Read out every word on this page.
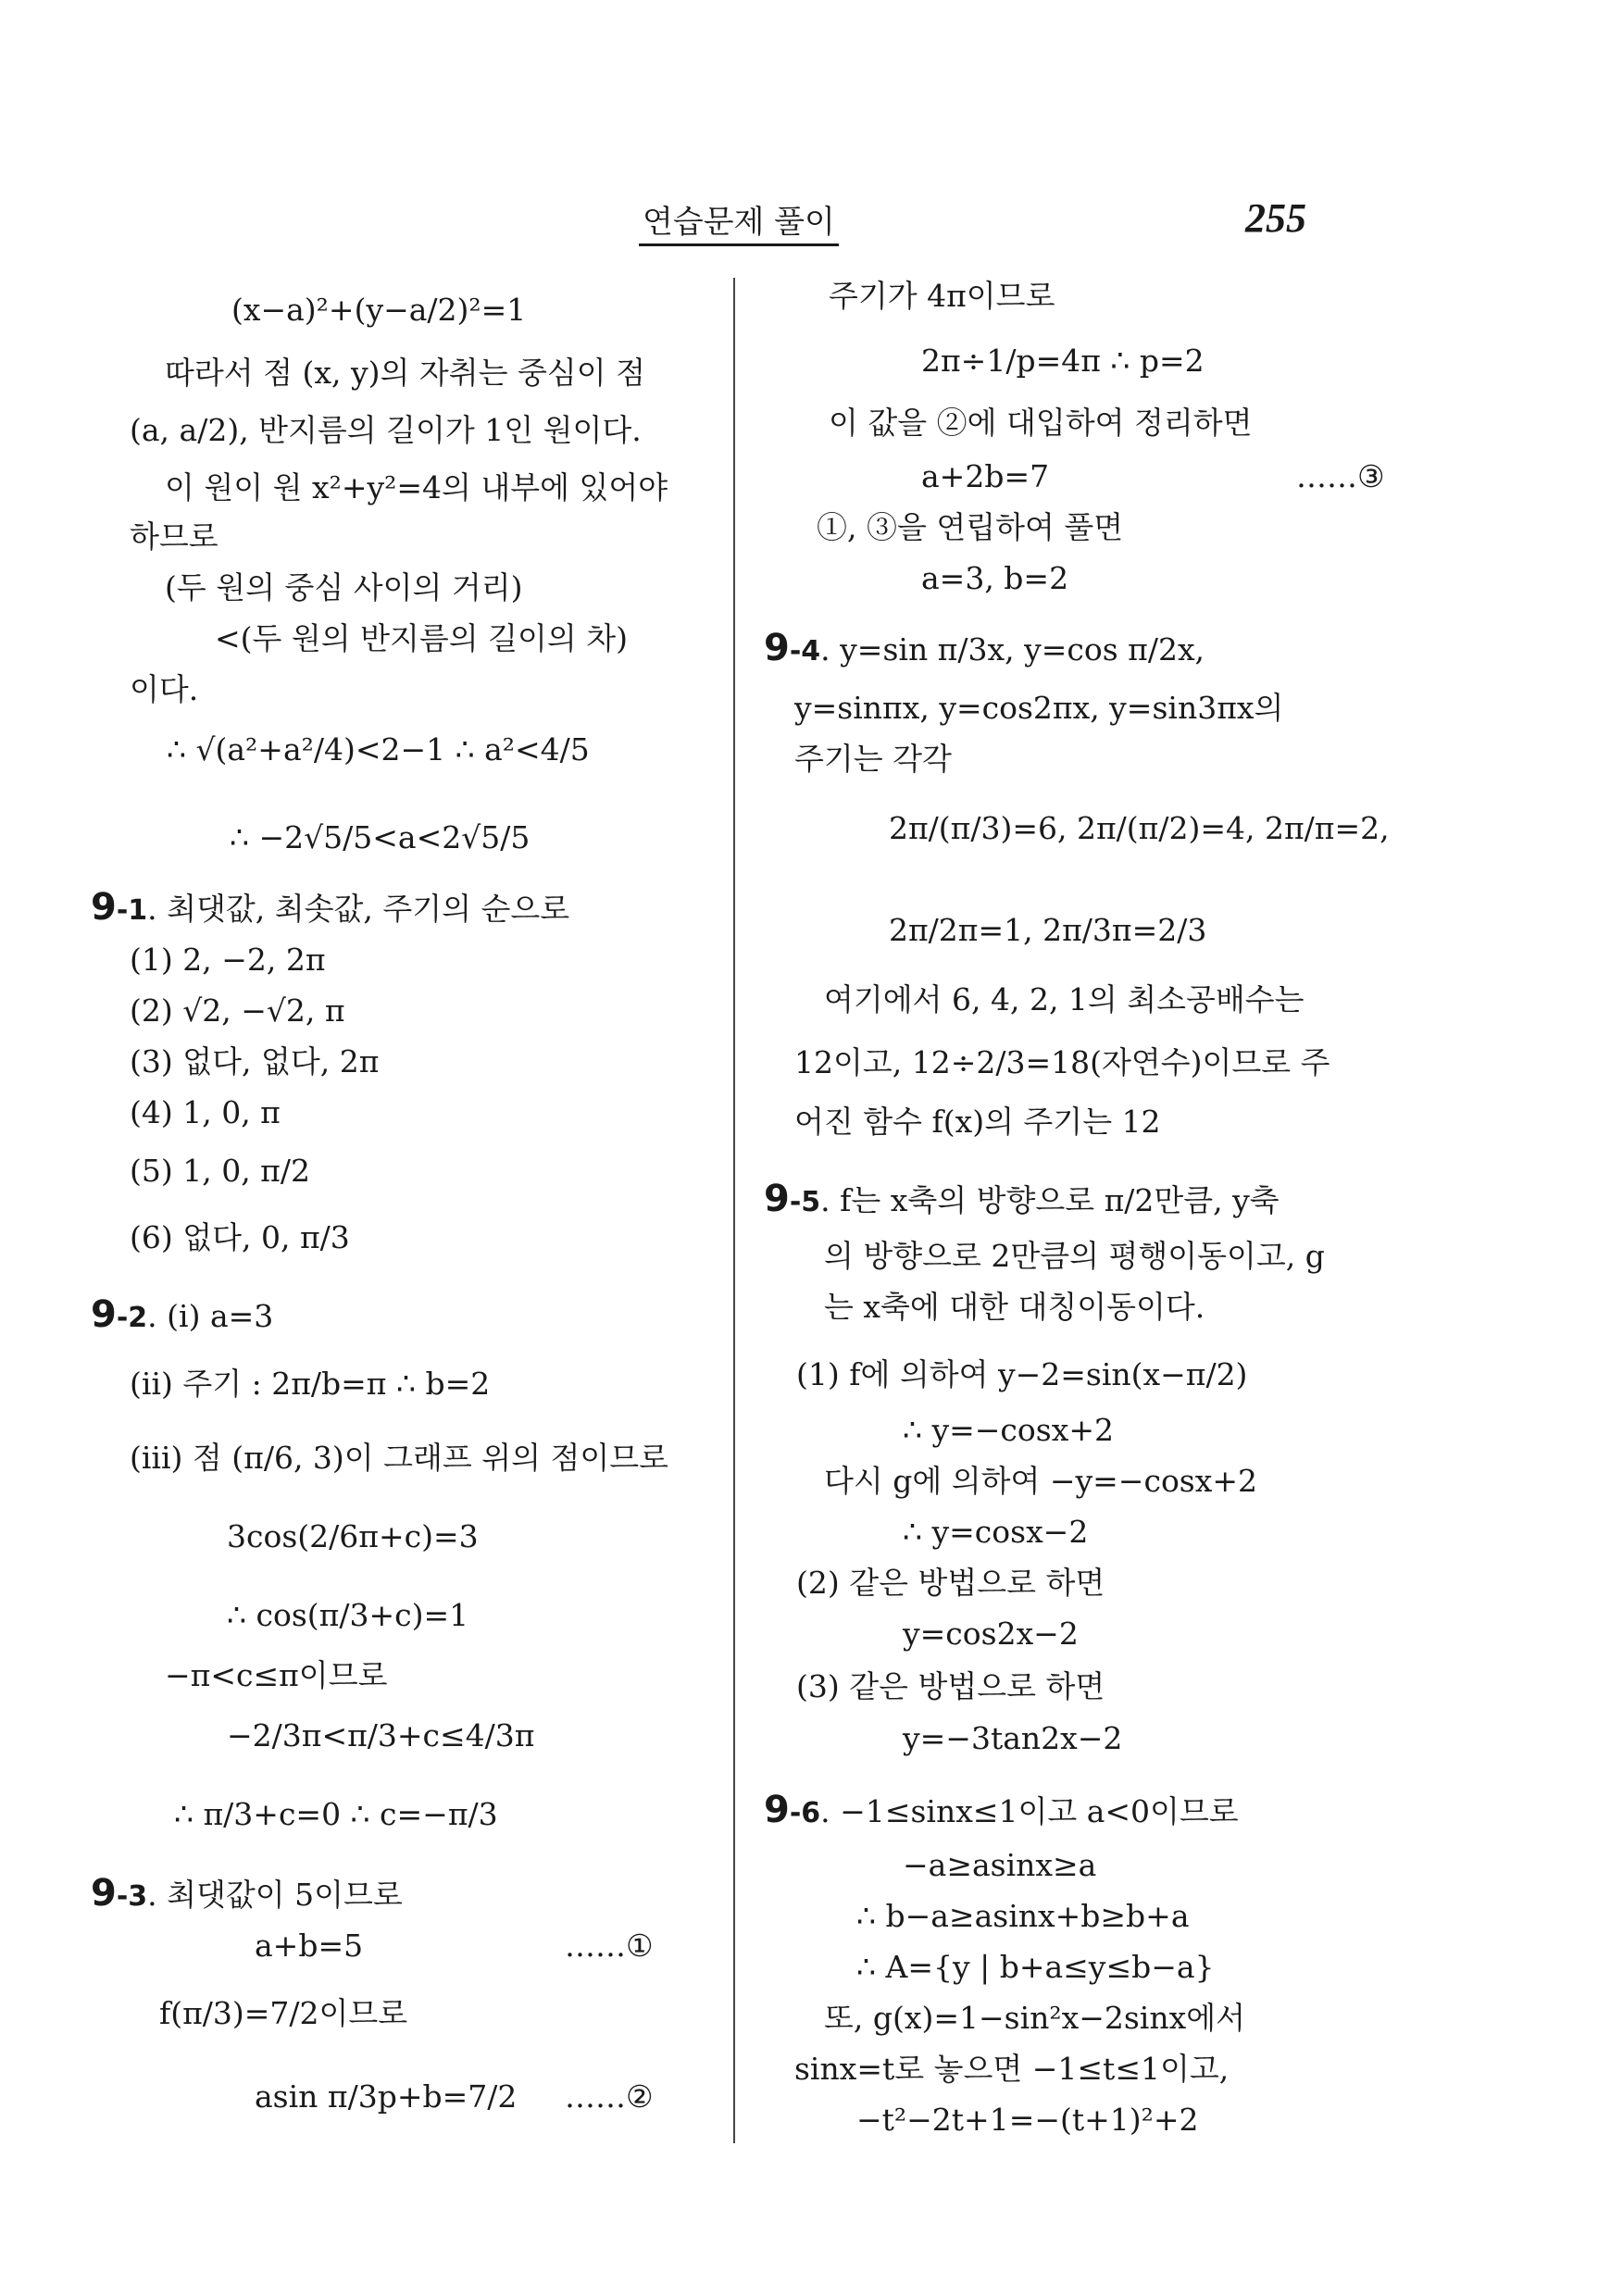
연습문제 풀이	255
(x−a)²+(y−a/2)²=1
따라서 점 (x, y)의 자취는 중심이 점
(a, a/2), 반지름의 길이가 1인 원이다.
이 원이 원 x²+y²=4의 내부에 있어야
하므로
(두 원의 중심 사이의 거리)
<(두 원의 반지름의 길이의 차)
이다.
∴ √(a²+a²/4)<2−1 ∴ a²<4/5
∴ −2√5/5<a<2√5/5
9-1. 최댓값, 최솟값, 주기의 순으로
(1) 2, −2, 2π
(2) √2, −√2, π
(3) 없다, 없다, 2π
(4) 1, 0, π
(5) 1, 0, π/2
(6) 없다, 0, π/3
9-2. (ⅰ) a=3
(ⅱ) 주기 : 2π/b=π ∴ b=2
(ⅲ) 점 (π/6, 3)이 그래프 위의 점이므로
3cos(2/6π+c)=3
∴ cos(π/3+c)=1
−π<c≤π이므로
−2/3π<π/3+c≤4/3π
∴ π/3+c=0 ∴ c=−π/3
9-3. 최댓값이 5이므로
a+b=5	……①
f(π/3)=7/2이므로
asin π/3p+b=7/2 ……②
주기가 4π이므로
2π÷1/p=4π ∴ p=2
이 값을 ②에 대입하여 정리하면
a+2b=7	……③
①, ③을 연립하여 풀면
a=3, b=2
9-4. y=sin π/3x, y=cos π/2x,
y=sinπx, y=cos2πx, y=sin3πx의
주기는 각각
2π/(π/3)=6, 2π/(π/2)=4, 2π/π=2,
2π/2π=1, 2π/3π=2/3
여기에서 6, 4, 2, 1의 최소공배수는
12이고, 12÷2/3=18(자연수)이므로 주
어진 함수 f(x)의 주기는 12
9-5. f는 x축의 방향으로 π/2만큼, y축
의 방향으로 2만큼의 평행이동이고, g
는 x축에 대한 대칭이동이다.
(1) f에 의하여 y−2=sin(x−π/2)
∴ y=−cosx+2
다시 g에 의하여 −y=−cosx+2
∴ y=cosx−2
(2) 같은 방법으로 하면
y=cos2x−2
(3) 같은 방법으로 하면
y=−3tan2x−2
9-6. −1≤sinx≤1이고 a<0이므로
−a≥asinx≥a
∴ b−a≥asinx+b≥b+a
∴ A={y | b+a≤y≤b−a}
또, g(x)=1−sin²x−2sinx에서
sinx=t로 놓으면 −1≤t≤1이고,
−t²−2t+1=−(t+1)²+2
